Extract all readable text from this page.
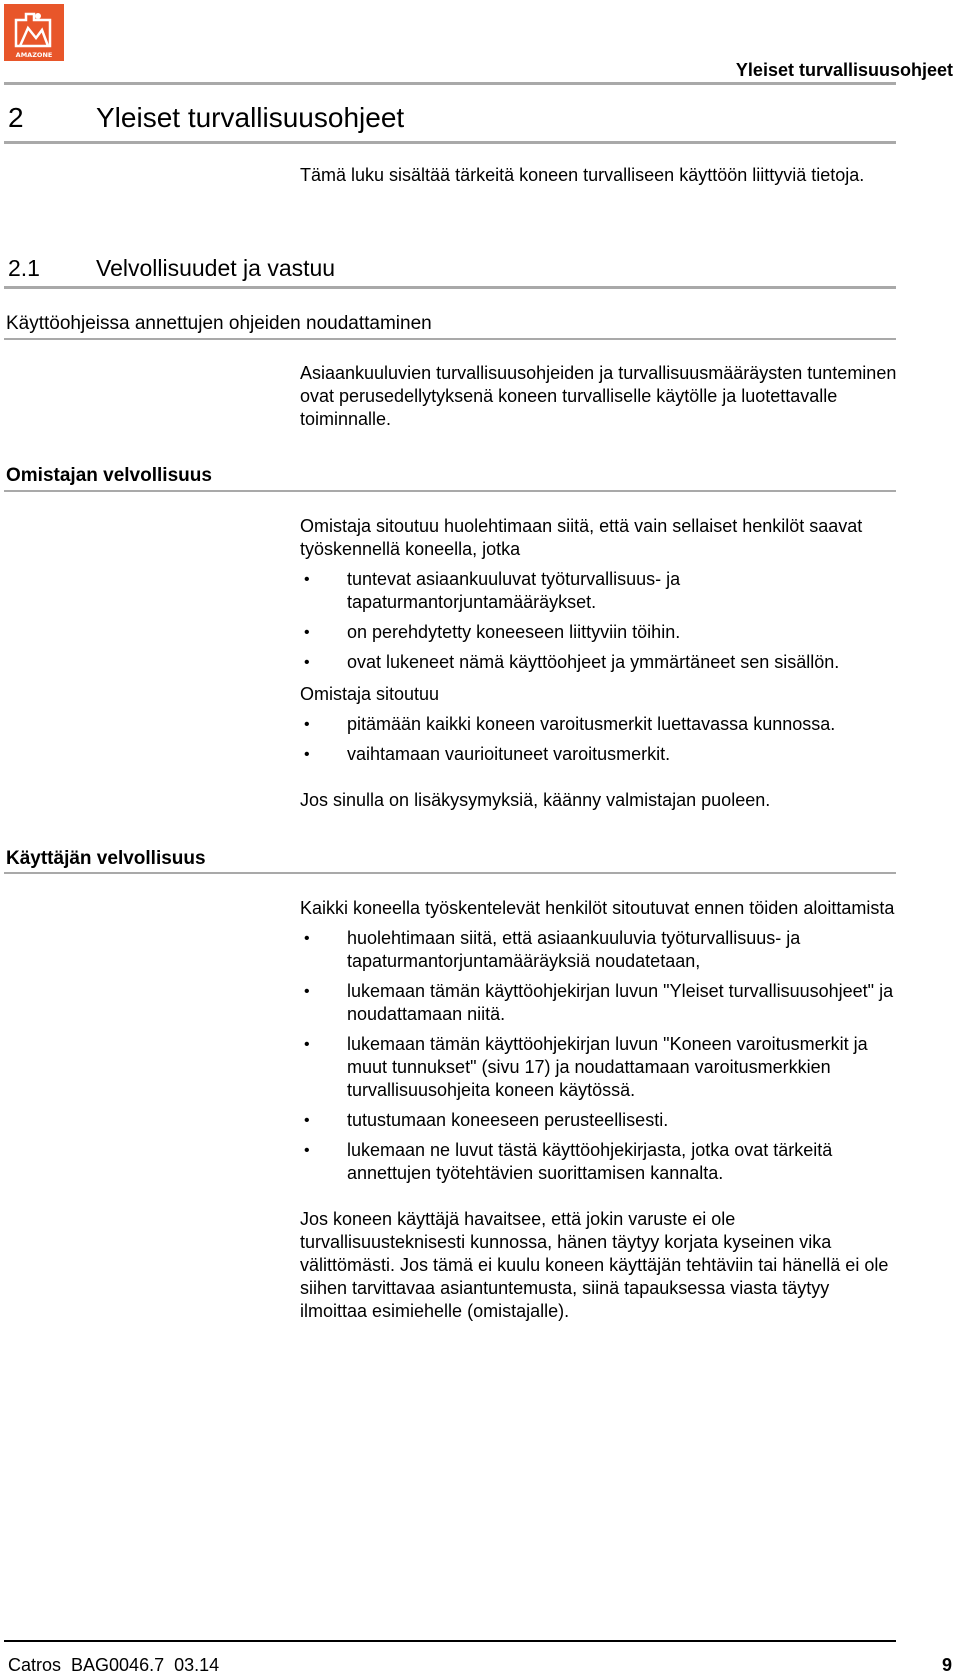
AMAZONE
Yleiset turvallisuusohjeet
2	Yleiset turvallisuusohjeet

Tämä luku sisältää tärkeitä koneen turvalliseen käyttöön liittyviä tietoja.

2.1 Velvollisuudet ja vastuu
Käyttöohjeissa annettujen ohjeiden noudattaminen

Asiaankuuluvien turvallisuusohjeiden ja turvallisuusmääräysten tunteminen ovat perusedellytyksenä koneen turvalliselle käytölle ja luotettavalle toiminnalle.

Omistajan velvollisuus

Omistaja sitoutuu huolehtimaan siitä, että vain sellaiset henkilöt saavat työskennellä koneella, jotka

• tuntevat asiaankuuluvat työturvallisuus- ja tapaturmantorjuntamääräykset.
• on perehdytetty koneeseen liittyviin töihin.
• ovat lukeneet nämä käyttöohjeet ja ymmärtäneet sen sisällön.

Omistaja sitoutuu

• pitämään kaikki koneen varoitusmerkit luettavassa kunnossa.
• vaihtamaan vaurioituneet varoitusmerkit.

Jos sinulla on lisäkysymyksiä, käänny valmistajan puoleen.

Käyttäjän velvollisuus

Kaikki koneella työskentelevät henkilöt sitoutuvat ennen töiden aloittamista

• huolehtimaan siitä, että asiaankuuluvia työturvallisuus- ja tapaturmantorjuntamääräyksiä noudatetaan,
• lukemaan tämän käyttöohjekirjan luvun "Yleiset turvallisuusohjeet" ja noudattamaan niitä.
• lukemaan tämän käyttöohjekirjan luvun "Koneen varoitusmerkit ja muut tunnukset" (sivu 17) ja noudattamaan varoitusmerkkien turvallisuusohjeita koneen käytössä.
• tutustumaan koneeseen perusteellisesti.
• lukemaan ne luvut tästä käyttöohjekirjasta, jotka ovat tärkeitä annettujen työtehtävien suorittamisen kannalta.

Jos koneen käyttäjä havaitsee, että jokin varuste ei ole turvallisuusteknisesti kunnossa, hänen täytyy korjata kyseinen vika välittömästi. Jos tämä ei kuulu koneen käyttäjän tehtäviin tai hänellä ei ole siihen tarvittavaa asiantuntemusta, siinä tapauksessa viasta täytyy ilmoittaa esimiehelle (omistajalle).

Catros  BAG0046.7  03.14	9
